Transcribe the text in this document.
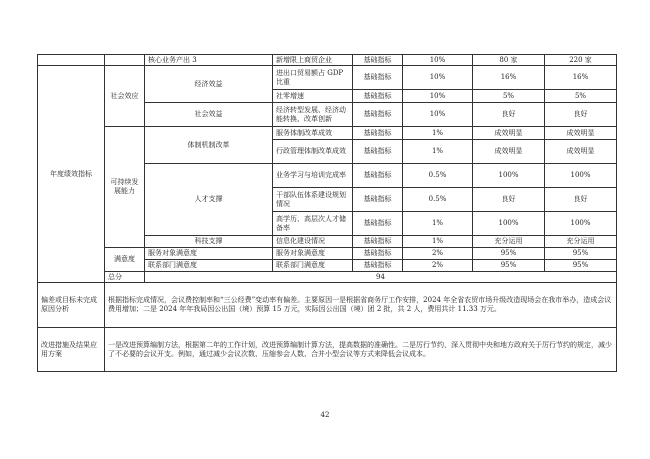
		核心业务产出 3	新增限上商贸企业	基础指标	10%	80 家	220 家
年度绩效指标	社会效应	经济效益	进出口贸易额占 GDP 比重	基础指标	10%	16%	16%
			社零增速	基础指标	10%	5%	5%
		社会效益	经济转型发展、经济动能转换、改革创新	基础指标	10%	良好	良好
	可持续发展能力	体制机制改革	服务体制改革成效	基础指标	1%	成效明显	成效明显
			行政管理体制改革成效	基础指标	1%	成效明显	成效明显
		人才支撑	业务学习与培训完成率	基础指标	0.5%	100%	100%
			干部队伍体系建设规划情况	基础指标	0.5%	良好	良好
			高学历、高层次人才储备率	基础指标	1%	100%	100%
		科技支撑	信息化建设情况	基础指标	1%	充分运用	充分运用
	满意度	服务对象满意度	服务对象满意度	基础指标	2%	95%	95%
		联系部门满意度	联系部门满意度	基础指标	2%	95%	95%
	总分	94					
偏差或目标未完成原因分析	根据指标完成情况，会议费控制率和“三公经费”变动率有偏差。主要原因一是根据省商务厅工作安排，2024 年全省农贸市场升级改造现场会在我市举办，造成会议费用增加；二是 2024 年年我局因公出国（境）预算 15 万元，实际因公出国（境）团 2 批，共 2 人，费用共计 11.33 万元。						
改进措施及结果应用方案	一是改进预算编制方法，根据第二年的工作计划，改进预算编制计算方法，提高数据的准确性。二是厉行节约，深入贯彻中央和地方政府关于厉行节约的规定，减少了不必要的会议开支。例如，通过减少会议次数、压缩参会人数、合并小型会议等方式来降低会议成本。						
42
